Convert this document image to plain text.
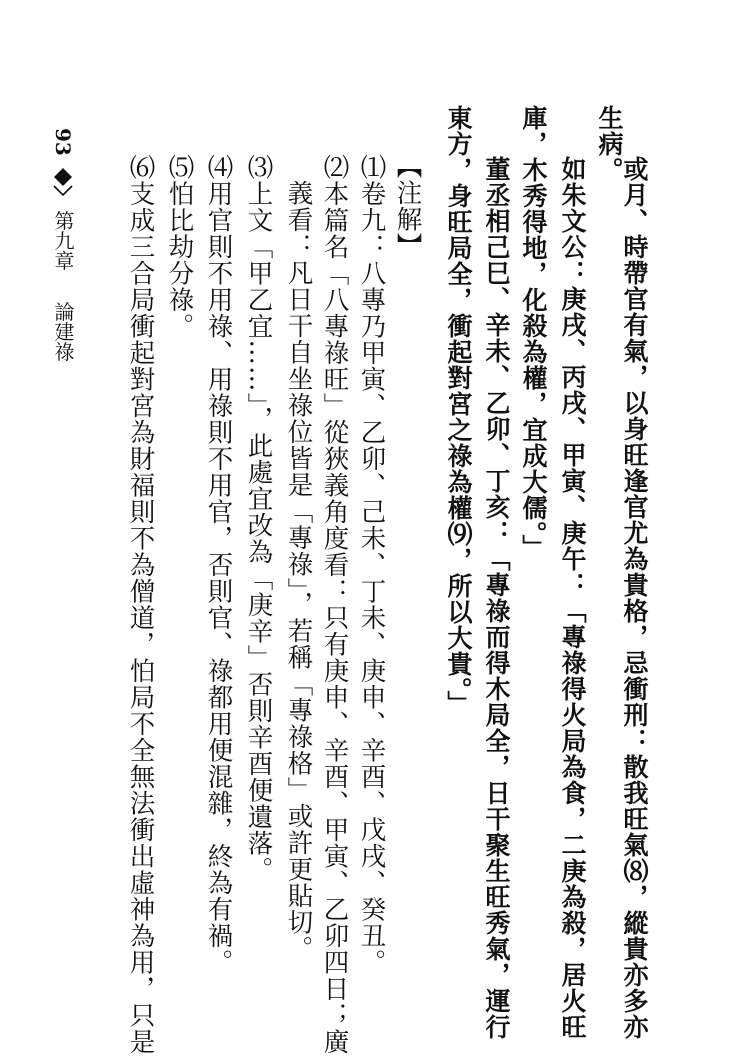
或月、時帶官有氣，以身旺逢官尤為貴格，忌衝刑：散我旺氣⑻，縱貴亦多亦
生病。
如朱文公：庚戌、丙戌、甲寅、庚午：「專祿得火局為食，二庚為殺，居火旺
庫，木秀得地，化殺為權，宜成大儒。」
董丞相己巳、辛未、乙卯、丁亥：「專祿而得木局全，日干聚生旺秀氣，運行
東方，身旺局全，衝起對宮之祿為權⑼，所以大貴。」
【注解】
⑴卷九：八專乃甲寅、乙卯、己未、丁未、庚申、辛酉、戊戌、癸丑。
⑵本篇名「八專祿旺」從狹義角度看：只有庚申、辛酉、甲寅、乙卯四日；廣
義看：凡日干自坐祿位皆是「專祿」，若稱「專祿格」或許更貼切。
⑶上文「甲乙宜……」，此處宜改為「庚辛」否則辛酉便遺落。
⑷用官則不用祿、用祿則不用官，否則官、祿都用便混雜，終為有禍。
⑸怕比劫分祿。
⑹支成三合局衝起對宮為財福則不為僧道，怕局不全無法衝出虛神為用，只是
93  第九章  論建祿
